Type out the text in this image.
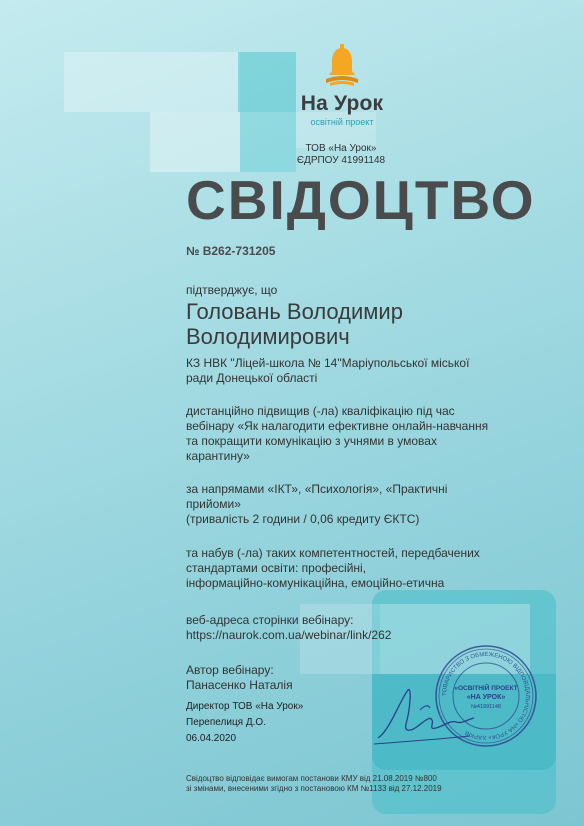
На Урок
освітній проект
ТОВ «На Урок»
ЄДРПОУ 41991148
СВІДОЦТВО
№ В262-731205
підтверджує, що
Головань Володимир
Володимирович
КЗ НВК "Ліцей-школа № 14"Маріупольської міської
ради Донецької області
дистанційно підвищив (-ла) кваліфікацію під час
вебінару «Як налагодити ефективне онлайн-навчання
та покращити комунікацію з учнями в умовах
карантину»
за напрямами «ІКТ», «Психологія», «Практичні
прийоми»
(тривалість 2 години / 0,06 кредиту ЄКТС)
та набув (-ла) таких компетентностей, передбачених
стандартами освіти: професійні,
інформаційно-комунікаційна, емоційно-етична
веб-адреса сторінки вебінару:
https://naurok.com.ua/webinar/link/262
Автор вебінару:
Панасенко Наталія
Директор ТОВ «На Урок»
Перепелиця Д.О.
06.04.2020
ТОВАРИСТВО З ОБМЕЖЕНОЮ ВІДПОВІДАЛЬНІСТЮ «НА УРОК» ХАРКІВ
«ОСВІТНІЙ ПРОЕКТ
«НА УРОК»
№41991148
Свідоцтво відповідає вимогам постанови КМУ від 21.08.2019 №800
зі змінами, внесеними згідно з постановою КМ №1133 від 27.12.2019
